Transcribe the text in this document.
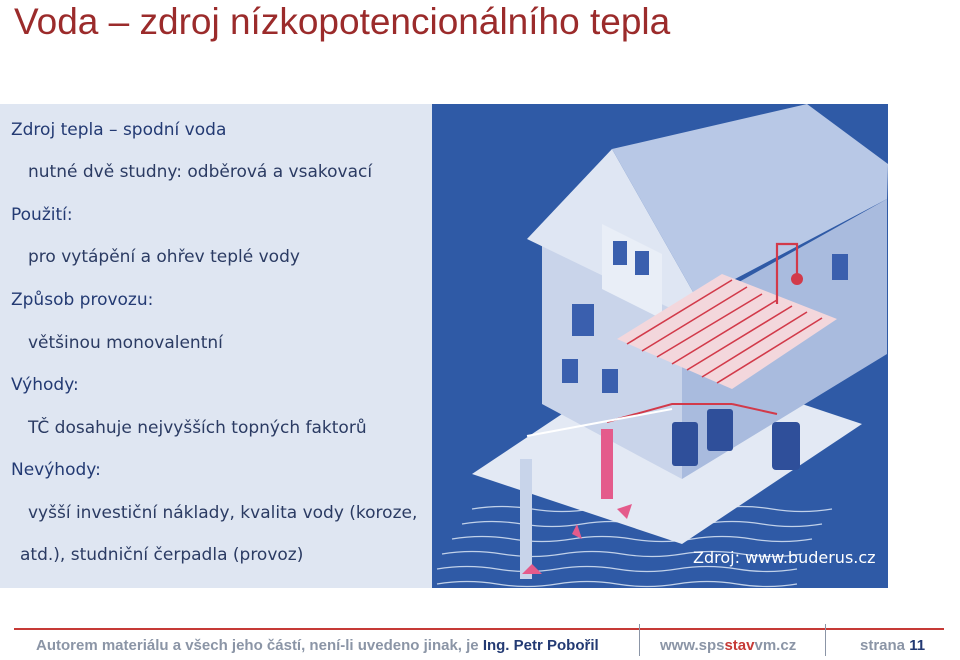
Voda – zdroj nízkopotencionálního tepla
Zdroj tepla – spodní voda
nutné dvě studny: odběrová a vsakovací
Použití:
pro vytápění a ohřev teplé vody
Způsob provozu:
většinou monovalentní
Výhody:
TČ dosahuje nejvyšších topných faktorů
Nevýhody:
vyšší investiční náklady, kvalita vody (koroze,
atd.), studniční čerpadla (provoz)	Zdroj: www.buderus.cz
Autorem materiálu a všech jeho částí, není-li uvedeno jinak, je Ing. Petr Pobořil	www.spsstavvm.cz	strana 11
